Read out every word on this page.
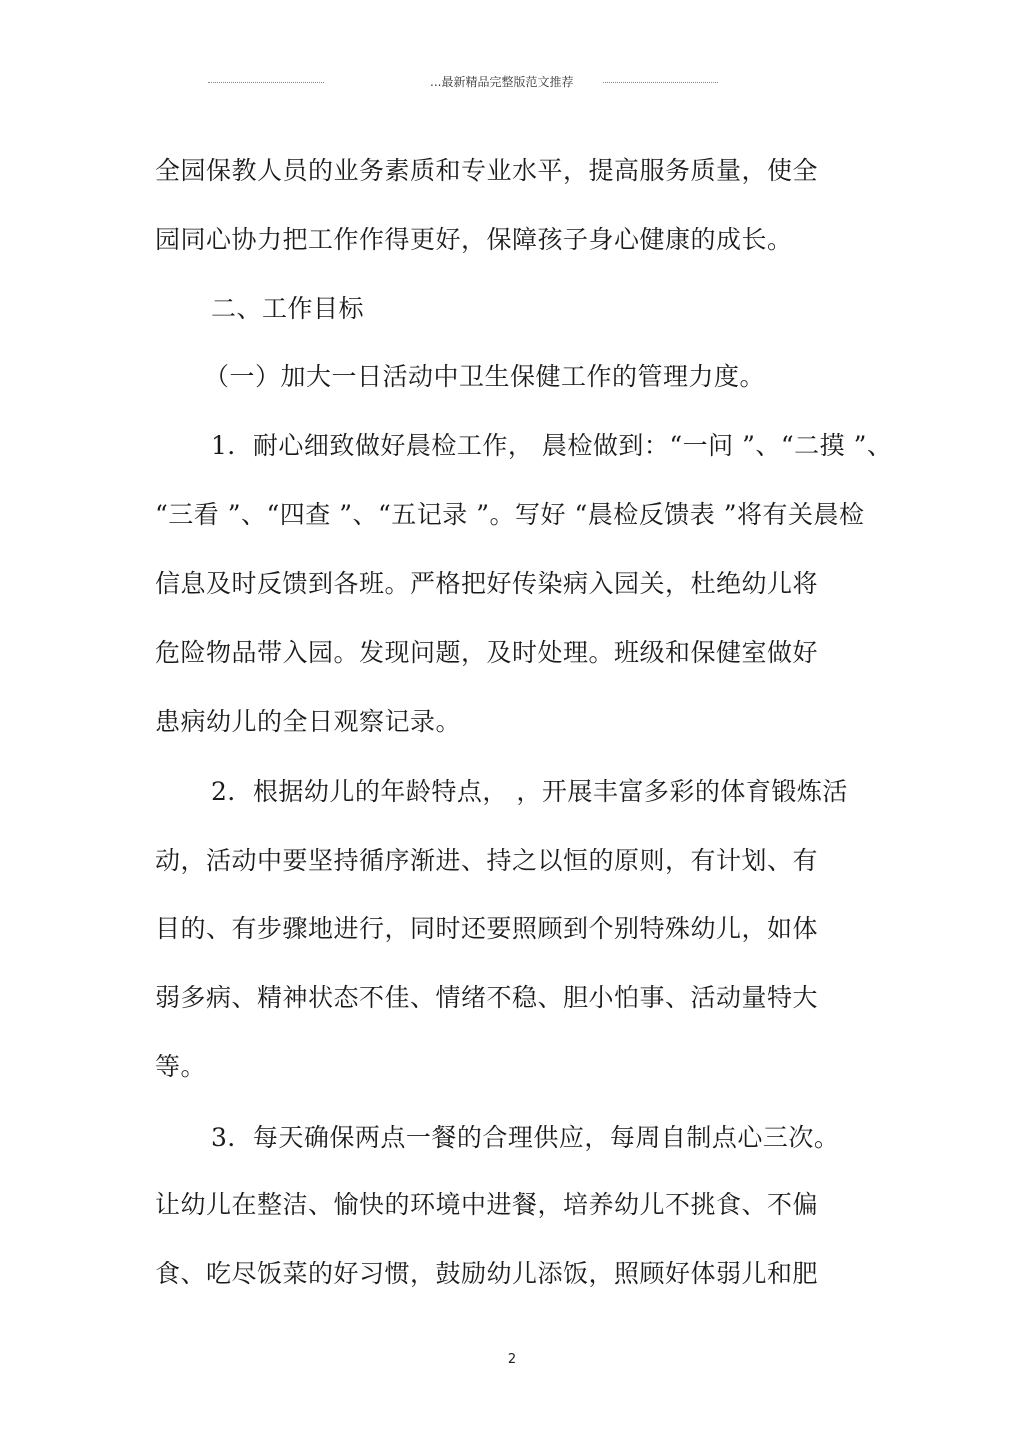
...最新精品完整版范文推荐
全园保教人员的业务素质和专业水平，提高服务质量，使全
园同心协力把工作作得更好，保障孩子身心健康的成长。
二、工作目标
（一）加大一日活动中卫生保健工作的管理力度。
1．耐心细致做好晨检工作， 晨检做到：“一问 ”、“二摸 ”、
“三看 ”、“四查 ”、“五记录 ”。写好 “晨检反馈表 ”将有关晨检
信息及时反馈到各班。严格把好传染病入园关，杜绝幼儿将
危险物品带入园。发现问题，及时处理。班级和保健室做好
患病幼儿的全日观察记录。
2．根据幼儿的年龄特点， ，开展丰富多彩的体育锻炼活
动，活动中要坚持循序渐进、持之以恒的原则，有计划、有
目的、有步骤地进行，同时还要照顾到个别特殊幼儿，如体
弱多病、精神状态不佳、情绪不稳、胆小怕事、活动量特大
等。
3．每天确保两点一餐的合理供应，每周自制点心三次。
让幼儿在整洁、愉快的环境中进餐，培养幼儿不挑食、不偏
食、吃尽饭菜的好习惯，鼓励幼儿添饭，照顾好体弱儿和肥
2
